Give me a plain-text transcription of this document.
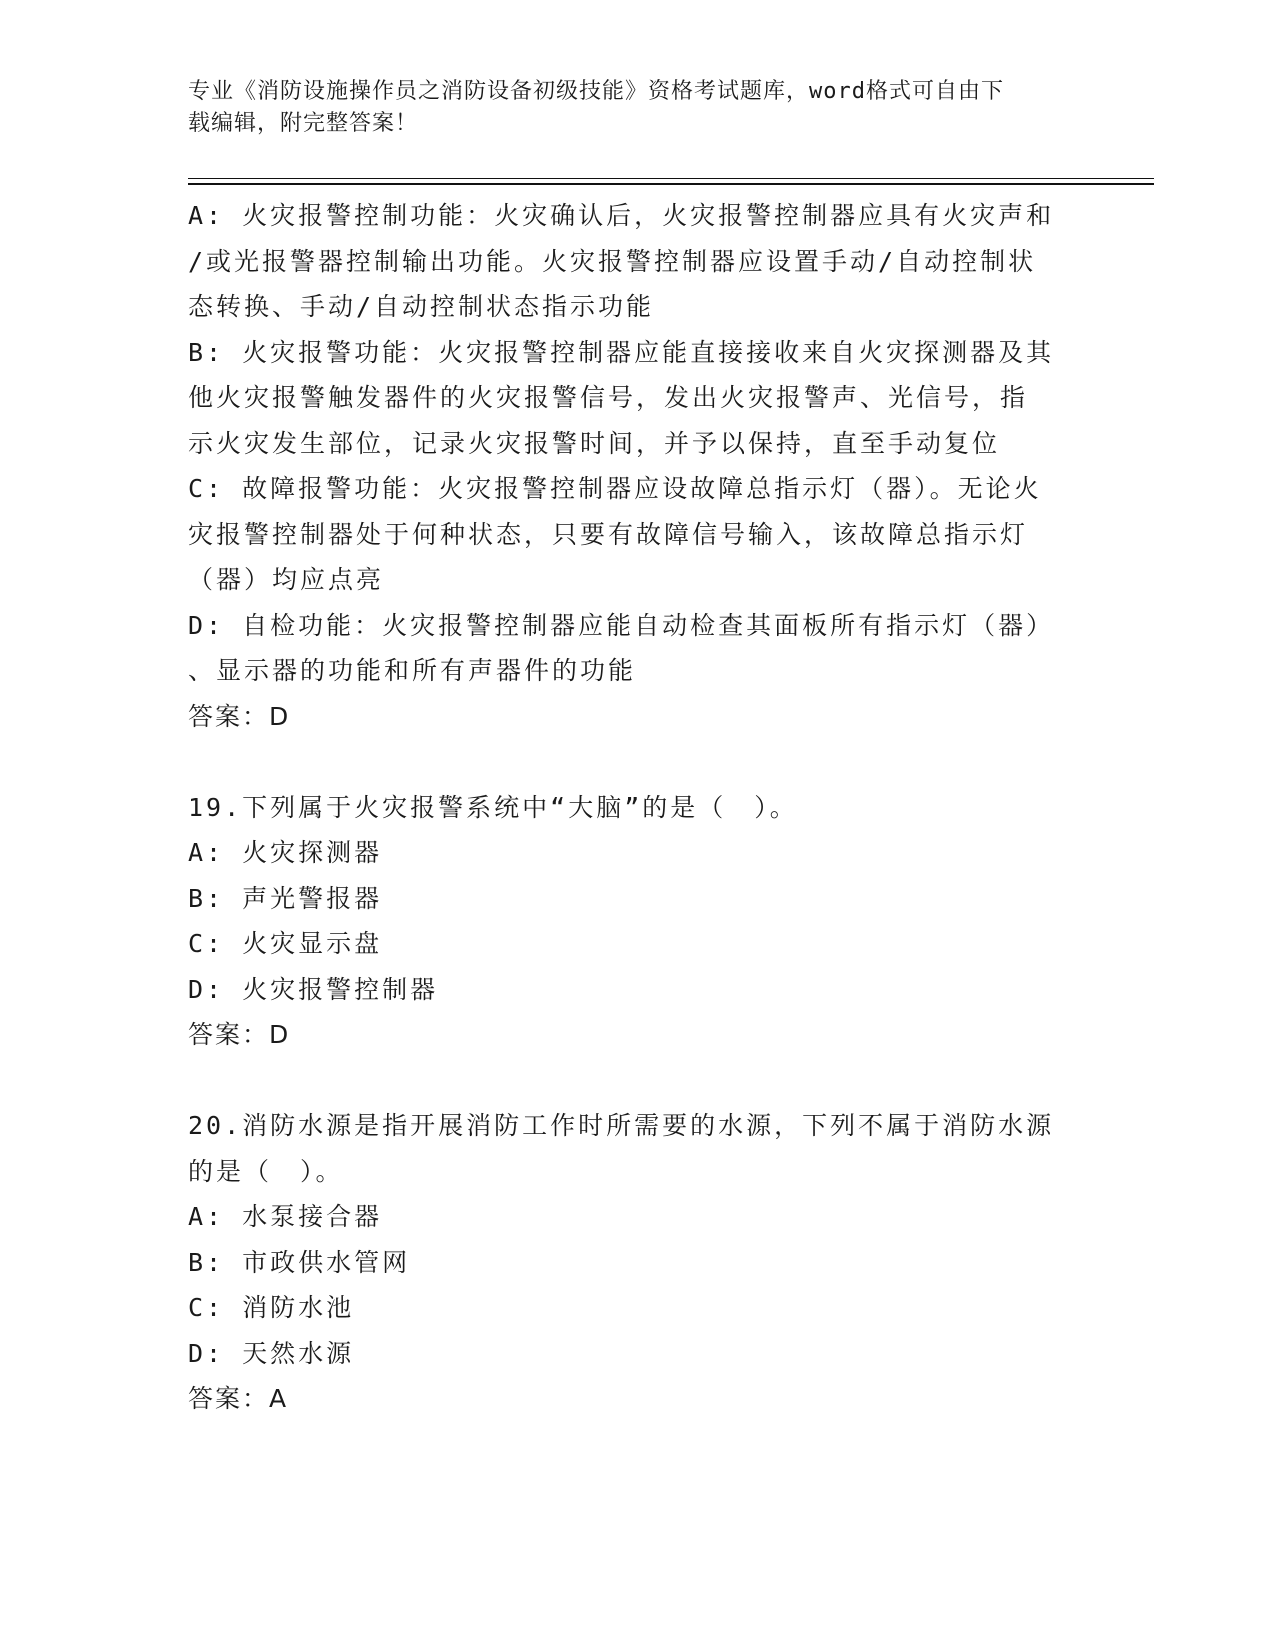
专业《消防设施操作员之消防设备初级技能》资格考试题库，word格式可自由下
载编辑，附完整答案！
A: 火灾报警控制功能：火灾确认后，火灾报警控制器应具有火灾声和
/或光报警器控制输出功能。火灾报警控制器应设置手动/自动控制状
态转换、手动/自动控制状态指示功能
B: 火灾报警功能：火灾报警控制器应能直接接收来自火灾探测器及其
他火灾报警触发器件的火灾报警信号，发出火灾报警声、光信号，指
示火灾发生部位，记录火灾报警时间，并予以保持，直至手动复位
C: 故障报警功能：火灾报警控制器应设故障总指示灯（器）。无论火
灾报警控制器处于何种状态，只要有故障信号输入，该故障总指示灯
（器）均应点亮
D: 自检功能：火灾报警控制器应能自动检查其面板所有指示灯（器）
、显示器的功能和所有声器件的功能
答案：D
19.下列属于火灾报警系统中“大脑”的是（　）。
A: 火灾探测器
B: 声光警报器
C: 火灾显示盘
D: 火灾报警控制器
答案：D
20.消防水源是指开展消防工作时所需要的水源，下列不属于消防水源
的是（　）。
A: 水泵接合器
B: 市政供水管网
C: 消防水池
D: 天然水源
答案：A
